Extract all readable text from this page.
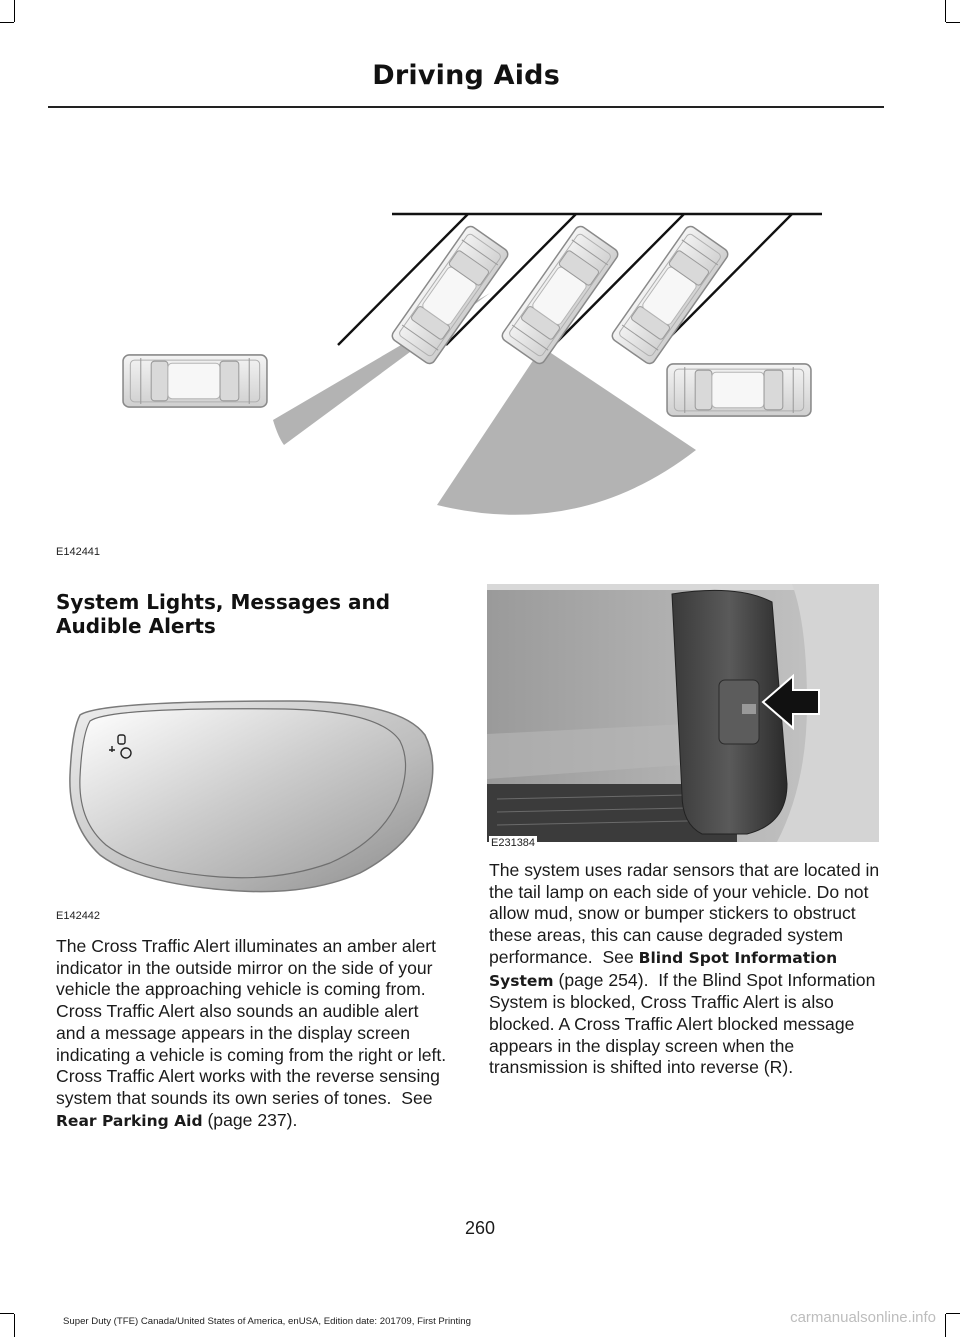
Driving Aids
E142441
System Lights, Messages and Audible Alerts
E142442
E231384
The Cross Traffic Alert illuminates an amber alert indicator in the outside mirror on the side of your vehicle the approaching vehicle is coming from. Cross Traffic Alert also sounds an audible alert and a message appears in the display screen indicating a vehicle is coming from the right or left. Cross Traffic Alert works with the reverse sensing system that sounds its own series of tones. See Rear Parking Aid (page 237).
The system uses radar sensors that are located in the tail lamp on each side of your vehicle. Do not allow mud, snow or bumper stickers to obstruct these areas, this can cause degraded system performance. See Blind Spot Information System (page 254). If the Blind Spot Information System is blocked, Cross Traffic Alert is also blocked. A Cross Traffic Alert blocked message appears in the display screen when the transmission is shifted into reverse (R).
260
Super Duty (TFE) Canada/United States of America, enUSA, Edition date: 201709, First Printing	carmanualsonline.info
